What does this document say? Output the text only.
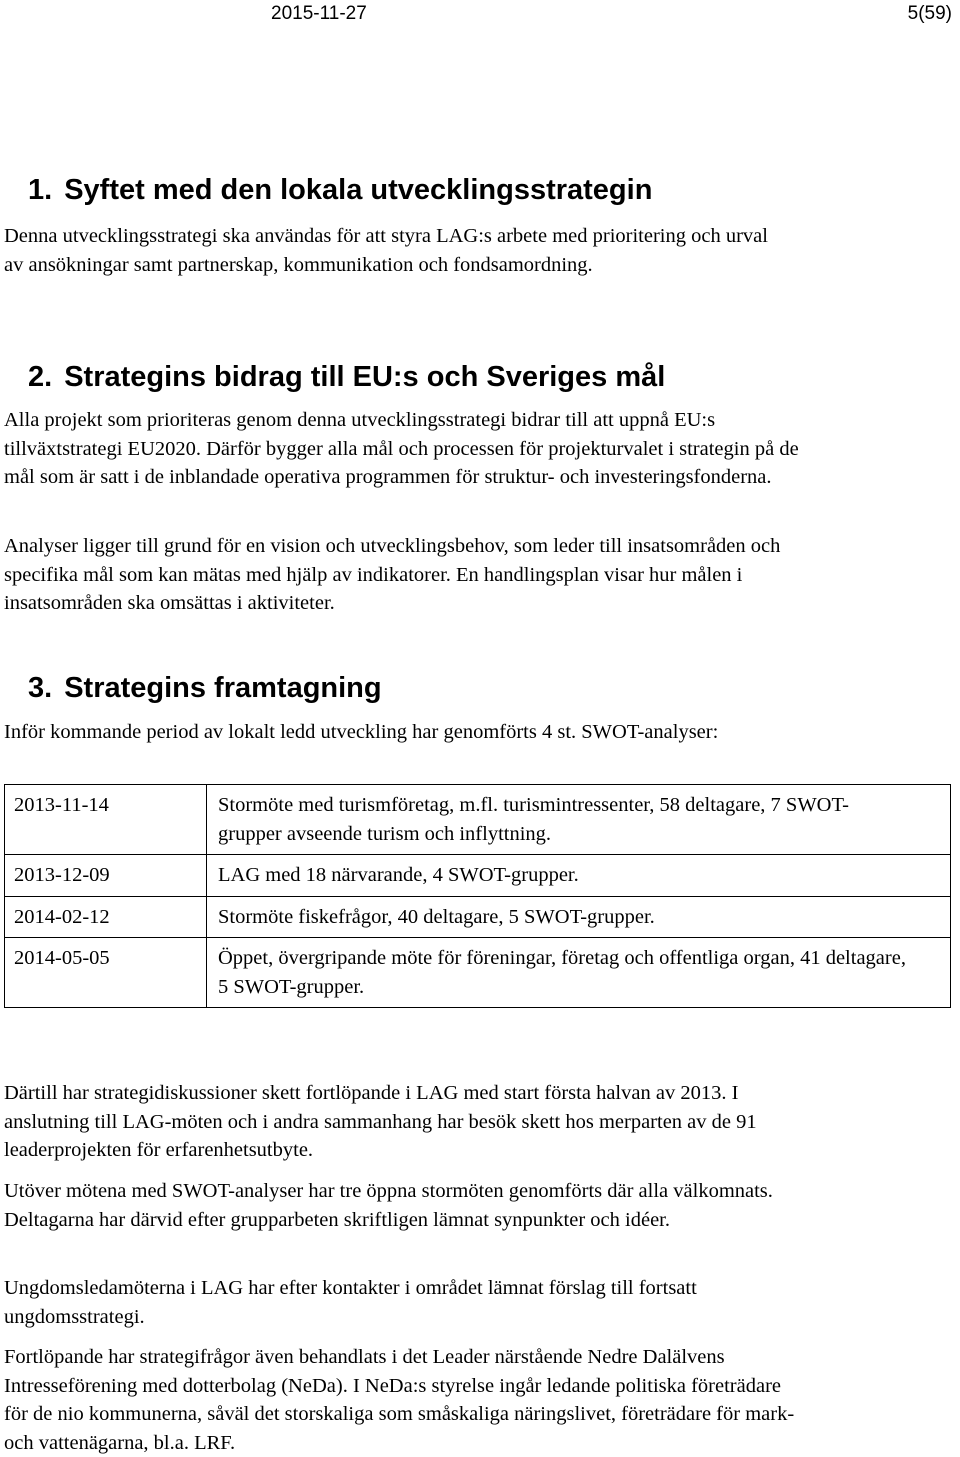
2015-11-27	5(59)
1. Syftet med den lokala utvecklingsstrategin

Denna utvecklingsstrategi ska användas för att styra LAG:s arbete med prioritering och urval av ansökningar samt partnerskap, kommunikation och fondsamordning.

2. Strategins bidrag till EU:s och Sveriges mål

Alla projekt som prioriteras genom denna utvecklingsstrategi bidrar till att uppnå EU:s tillväxtstrategi EU2020. Därför bygger alla mål och processen för projekturvalet i strategin på de mål som är satt i de inblandade operativa programmen för struktur- och investeringsfonderna.

Analyser ligger till grund för en vision och utvecklingsbehov, som leder till insatsområden och specifika mål som kan mätas med hjälp av indikatorer. En handlingsplan visar hur målen i insatsområden ska omsättas i aktiviteter.

3. Strategins framtagning

Inför kommande period av lokalt ledd utveckling har genomförts 4 st. SWOT-analyser:

2013-11-14	Stormöte med turismföretag, m.fl. turismintressenter, 58 deltagare, 7 SWOT-grupper avseende turism och inflyttning.
2013-12-09	LAG med 18 närvarande, 4 SWOT-grupper.
2014-02-12	Stormöte fiskefrågor, 40 deltagare, 5 SWOT-grupper.
2014-05-05	Öppet, övergripande möte för föreningar, företag och offentliga organ, 41 deltagare, 5 SWOT-grupper.

Därtill har strategidiskussioner skett fortlöpande i LAG med start första halvan av 2013. I anslutning till LAG-möten och i andra sammanhang har besök skett hos merparten av de 91 leaderprojekten för erfarenhetsutbyte.

Utöver mötena med SWOT-analyser har tre öppna stormöten genomförts där alla välkomnats. Deltagarna har därvid efter grupparbeten skriftligen lämnat synpunkter och idéer.

Ungdomsledamöterna i LAG har efter kontakter i området lämnat förslag till fortsatt ungdomsstrategi.

Fortlöpande har strategifrågor även behandlats i det Leader närstående Nedre Dalälvens Intresseförening med dotterbolag (NeDa). I NeDa:s styrelse ingår ledande politiska företrädare för de nio kommunerna, såväl det storskaliga som småskaliga näringslivet, företrädare för mark- och vattenägarna, bl.a. LRF.
